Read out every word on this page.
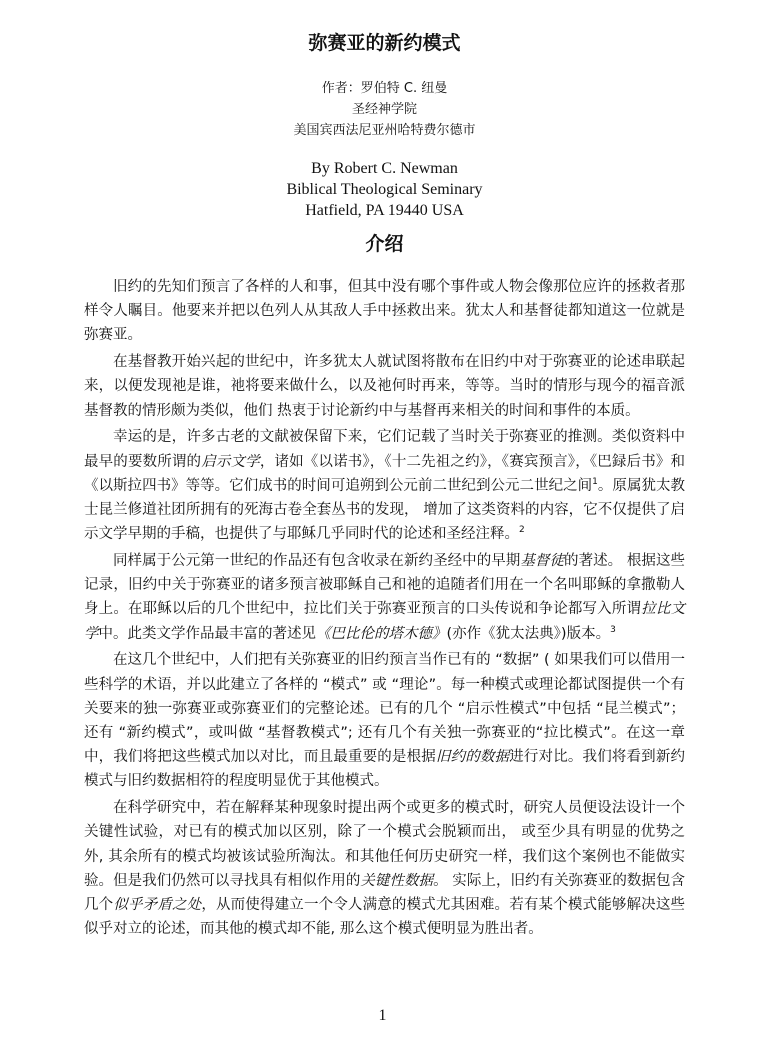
弥赛亚的新约模式
作者：罗伯特 C. 纽曼
圣经神学院
美国宾西法尼亚州哈特费尔德市
By Robert C. Newman
Biblical Theological Seminary
Hatfield, PA 19440 USA
介绍

旧约的先知们预言了各样的人和事，但其中没有哪个事件或人物会像那位应许的拯救者那样令人瞩目。他要来并把以色列人从其敌人手中拯救出来。犹太人和基督徒都知道这一位就是弥赛亚。

在基督教开始兴起的世纪中，许多犹太人就试图将散布在旧约中对于弥赛亚的论述串联起来，以便发现祂是谁，祂将要来做什么，以及祂何时再来，等等。当时的情形与现今的福音派基督教的情形颇为类似，他们 热衷于讨论新约中与基督再来相关的时间和事件的本质。

幸运的是，许多古老的文献被保留下来，它们记载了当时关于弥赛亚的推测。类似资料中最早的要数所谓的启示文学，诸如《以诺书》，《十二先祖之约》，《赛宾预言》，《巴録后书》和《以斯拉四书》等等。它们成书的时间可追朔到公元前二世纪到公元二世纪之间$^1$。原属犹太教士昆兰修道社团所拥有的死海古卷全套丛书的发现， 增加了这类资料的内容，它不仅提供了启示文学早期的手稿，也提供了与耶稣几乎同时代的论述和圣经注释。$^2$

同样属于公元第一世纪的作品还有包含收录在新约圣经中的早期基督徒的著述。 根据这些记录，旧约中关于弥赛亚的诸多预言被耶稣自己和祂的追随者们用在一个名叫耶稣的拿撒勒人身上。在耶稣以后的几个世纪中，拉比们关于弥赛亚预言的口头传说和争论都写入所谓拉比文学中。此类文学作品最丰富的著述见《巴比伦的塔木德》(亦作《犹太法典》)版本。$^3$

在这几个世纪中，人们把有关弥赛亚的旧约预言当作已有的 “数据” ( 如果我们可以借用一些科学的术语，并以此建立了各样的 “模式” 或 “理论”。每一种模式或理论都试图提供一个有关要来的独一弥赛亚或弥赛亚们的完整论述。已有的几个 “启示性模式”中包括 “昆兰模式”； 还有 “新约模式”，或叫做 “基督教模式”; 还有几个有关独一弥赛亚的“拉比模式”。在这一章中，我们将把这些模式加以对比，而且最重要的是根据旧约的数据进行对比。我们将看到新约模式与旧约数据相符的程度明显优于其他模式。

在科学研究中，若在解释某种现象时提出两个或更多的模式时，研究人员便设法设计一个关键性试验，对已有的模式加以区别，除了一个模式会脱颖而出， 或至少具有明显的优势之外, 其余所有的模式均被该试验所淘汰。和其他任何历史研究一样，我们这个案例也不能做实验。但是我们仍然可以寻找具有相似作用的关键性数据。 实际上，旧约有关弥赛亚的数据包含几个似乎矛盾之处，从而使得建立一个令人满意的模式尤其困难。若有某个模式能够解决这些似乎对立的论述，而其他的模式却不能, 那么这个模式便明显为胜出者。

1
